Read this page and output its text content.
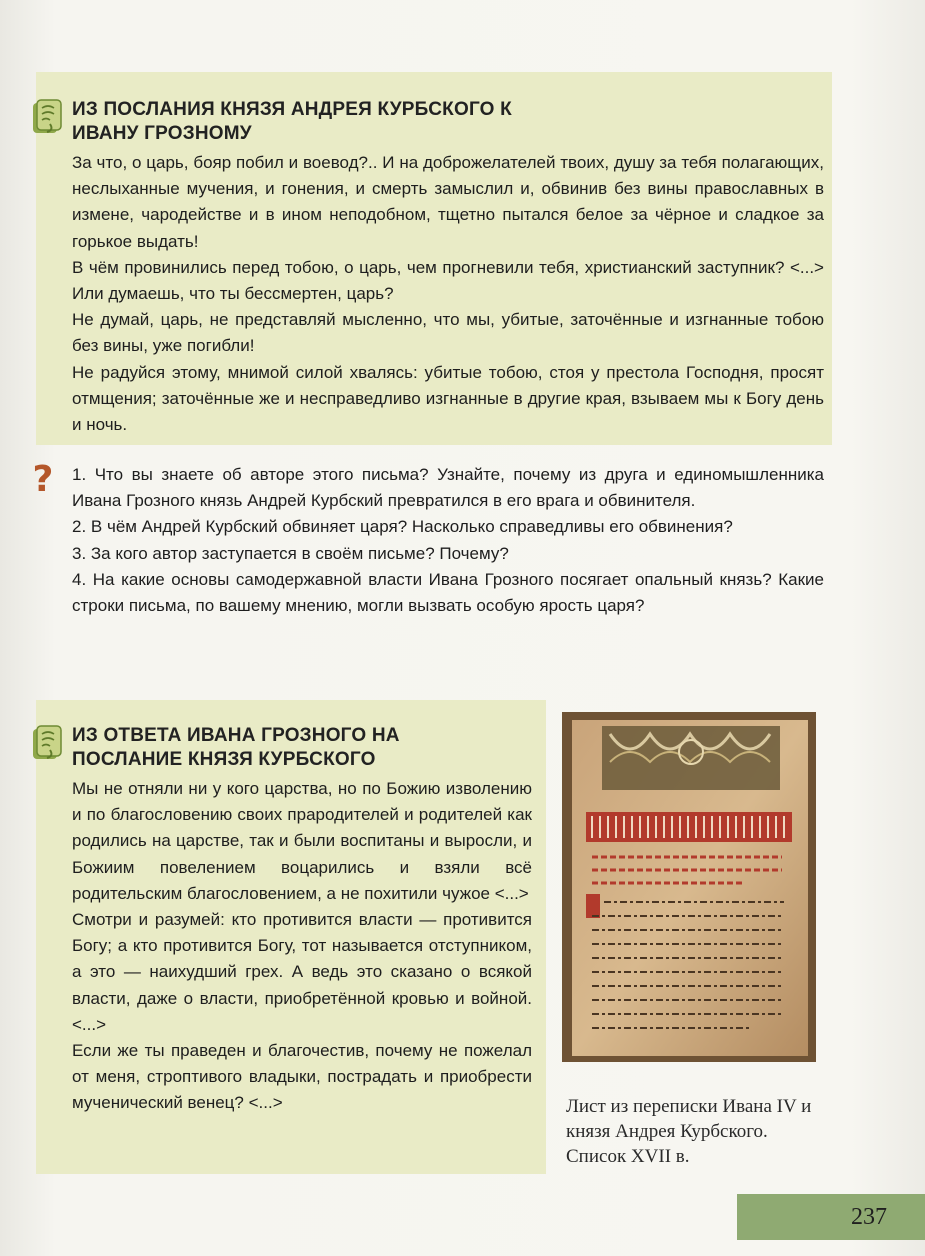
ИЗ ПОСЛАНИЯ КНЯЗЯ АНДРЕЯ КУРБСКОГО К ИВАНУ ГРОЗНОМУ

За что, о царь, бояр побил и воевод?.. И на доброжелателей твоих, душу за тебя полагающих, неслыханные мучения, и гонения, и смерть замыслил и, обвинив без вины православных в измене, чародействе и в ином неподобном, тщетно пытался белое за чёрное и сладкое за горькое выдать!

В чём провинились перед тобою, о царь, чем прогневили тебя, христианский заступник? <...> Или думаешь, что ты бессмертен, царь?

Не думай, царь, не представляй мысленно, что мы, убитые, заточённые и изгнанные тобою без вины, уже погибли!

Не радуйся этому, мнимой силой хвалясь: убитые тобою, стоя у престола Господня, просят отмщения; заточённые же и несправедливо изгнанные в другие края, взываем мы к Богу день и ночь.

? 1. Что вы знаете об авторе этого письма? Узнайте, почему из друга и единомышленника Ивана Грозного князь Андрей Курбский превратился в его врага и обвинителя.

2. В чём Андрей Курбский обвиняет царя? Насколько справедливы его обвинения?

3. За кого автор заступается в своём письме? Почему?

4. На какие основы самодержавной власти Ивана Грозного посягает опальный князь? Какие строки письма, по вашему мнению, могли вызвать особую ярость царя?

ИЗ ОТВЕТА ИВАНА ГРОЗНОГО НА ПОСЛАНИЕ КНЯЗЯ КУРБСКОГО

Мы не отняли ни у кого царства, но по Божию изволению и по благословению своих прародителей и родителей как родились на царстве, так и были воспитаны и выросли, и Божиим повелением воцарились и взяли всё родительским благословением, а не похитили чужое <...>

Смотри и разумей: кто противится власти — противится Богу; а кто противится Богу, тот называется отступником, а это — наихудший грех. А ведь это сказано о всякой власти, даже о власти, приобретённой кровью и войной. <...>

Если же ты праведен и благочестив, почему не пожелал от меня, строптивого владыки, пострадать и приобрести мученический венец? <...>	Лист из переписки Ивана IV и князя Андрея Курбского. Список XVII в.
237
